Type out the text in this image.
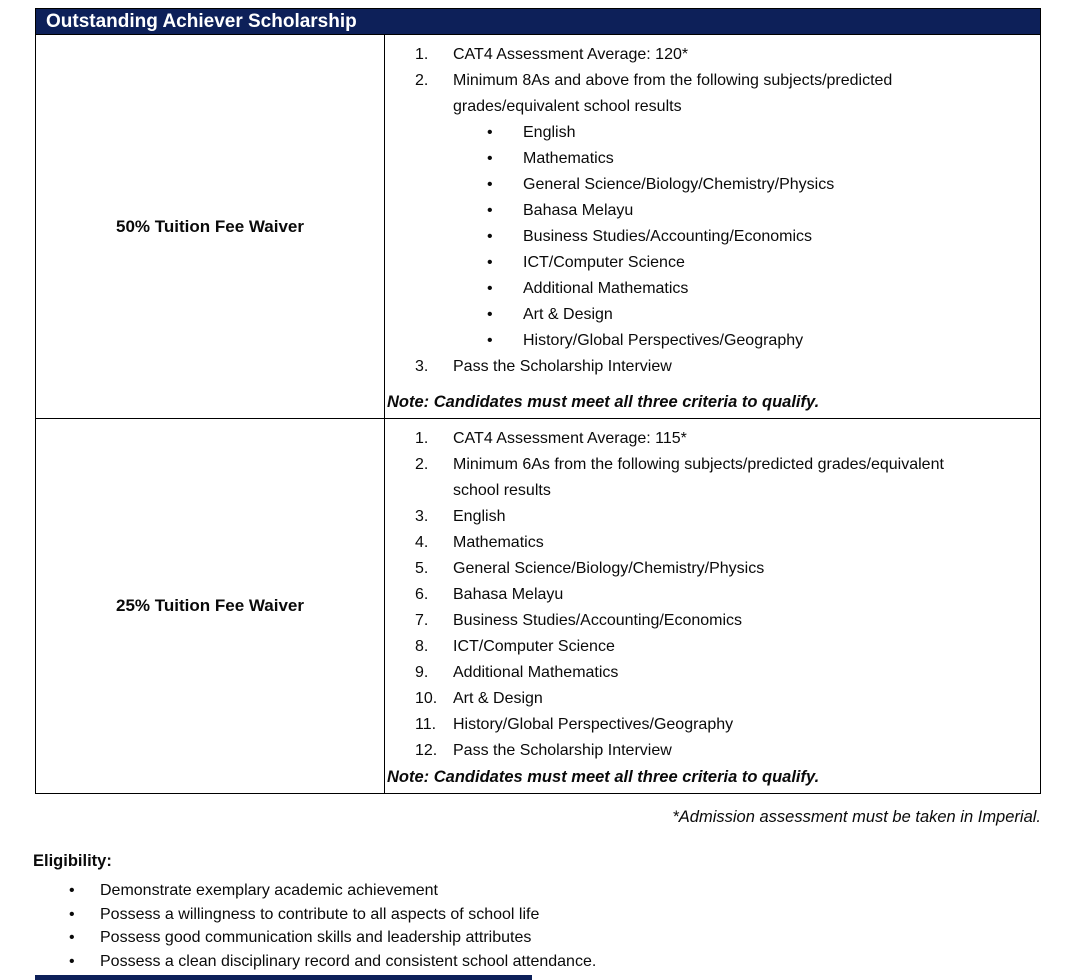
Outstanding Achiever Scholarship
50% Tuition Fee Waiver
1.	CAT4 Assessment Average: 120*
2.	Minimum 8As and above from the following subjects/predicted grades/equivalent school results
•	English
•	Mathematics
•	General Science/Biology/Chemistry/Physics
•	Bahasa Melayu
•	Business Studies/Accounting/Economics
•	ICT/Computer Science
•	Additional Mathematics
•	Art & Design
•	History/Global Perspectives/Geography
3.	Pass the Scholarship Interview
Note: Candidates must meet all three criteria to qualify.
25% Tuition Fee Waiver
1.	CAT4 Assessment Average: 115*
2.	Minimum 6As from the following subjects/predicted grades/equivalent school results
3.	English
4.	Mathematics
5.	General Science/Biology/Chemistry/Physics
6.	Bahasa Melayu
7.	Business Studies/Accounting/Economics
8.	ICT/Computer Science
9.	Additional Mathematics
10. Art & Design
11.	History/Global Perspectives/Geography
12. Pass the Scholarship Interview
Note: Candidates must meet all three criteria to qualify.
*Admission assessment must be taken in Imperial.
Eligibility:
•	Demonstrate exemplary academic achievement
•	Possess a willingness to contribute to all aspects of school life
•	Possess good communication skills and leadership attributes
•	Possess a clean disciplinary record and consistent school attendance.
